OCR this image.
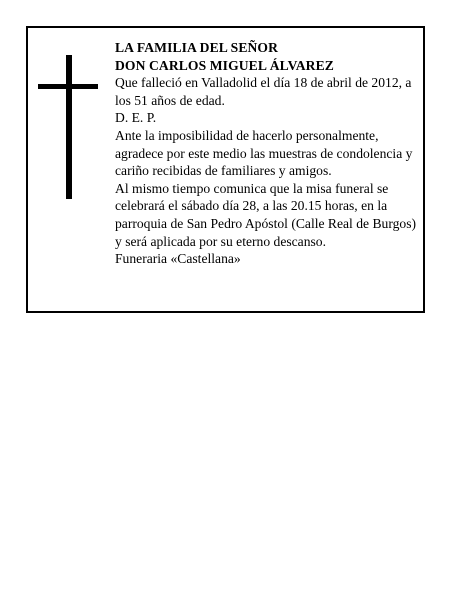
LA FAMILIA DEL SEÑOR

DON CARLOS MIGUEL ÁLVAREZ

Que falleció en Valladolid el día 18 de abril de 2012, a los 51 años de edad.

D. E. P.

Ante la imposibilidad de hacerlo personalmente, agradece por este medio las muestras de condolencia y cariño recibidas de familiares y amigos.

Al mismo tiempo comunica que la misa funeral se celebrará el sábado día 28, a las 20.15 horas, en la parroquia de San Pedro Apóstol (Calle Real de Burgos) y será aplicada por su eterno descanso.

Funeraria «Castellana»
